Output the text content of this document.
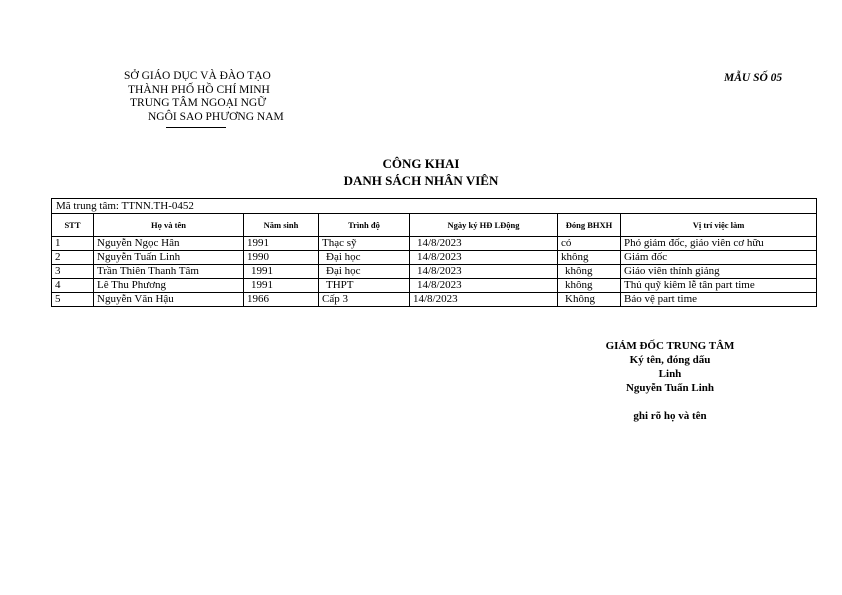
SỞ GIÁO DỤC VÀ ĐÀO TẠO
THÀNH PHỐ HỒ CHÍ MINH
TRUNG TÂM NGOẠI NGỮ
NGÔI SAO PHƯƠNG NAM
MẪU SỐ 05
CÔNG KHAI
DANH SÁCH NHÂN VIÊN
Mã trung tâm: TTNN.TH-0452						
STT	Họ và tên	Năm sinh	Trình độ	Ngày ký HĐ LĐộng	Đóng BHXH	Vị trí việc làm
1	Nguyễn Ngọc Hân	1991	Thạc sỹ	14/8/2023	có	Phó giám đốc, giáo viên cơ hữu
2	Nguyễn Tuấn Linh	1990	Đại học	14/8/2023	không	Giám đốc
3	Trần Thiên Thanh Tâm	1991	Đại học	14/8/2023	không	Giáo viên thỉnh giảng
4	Lê Thu Phương	1991	THPT	14/8/2023	không	Thủ quỹ kiêm lễ tân part time
5	Nguyễn Văn Hậu	1966	Cấp 3	14/8/2023	Không	Bảo vệ part time
GIÁM ĐỐC TRUNG TÂM
Ký tên, đóng dấu
Linh
Nguyễn Tuấn Linh
ghi rõ họ và tên
